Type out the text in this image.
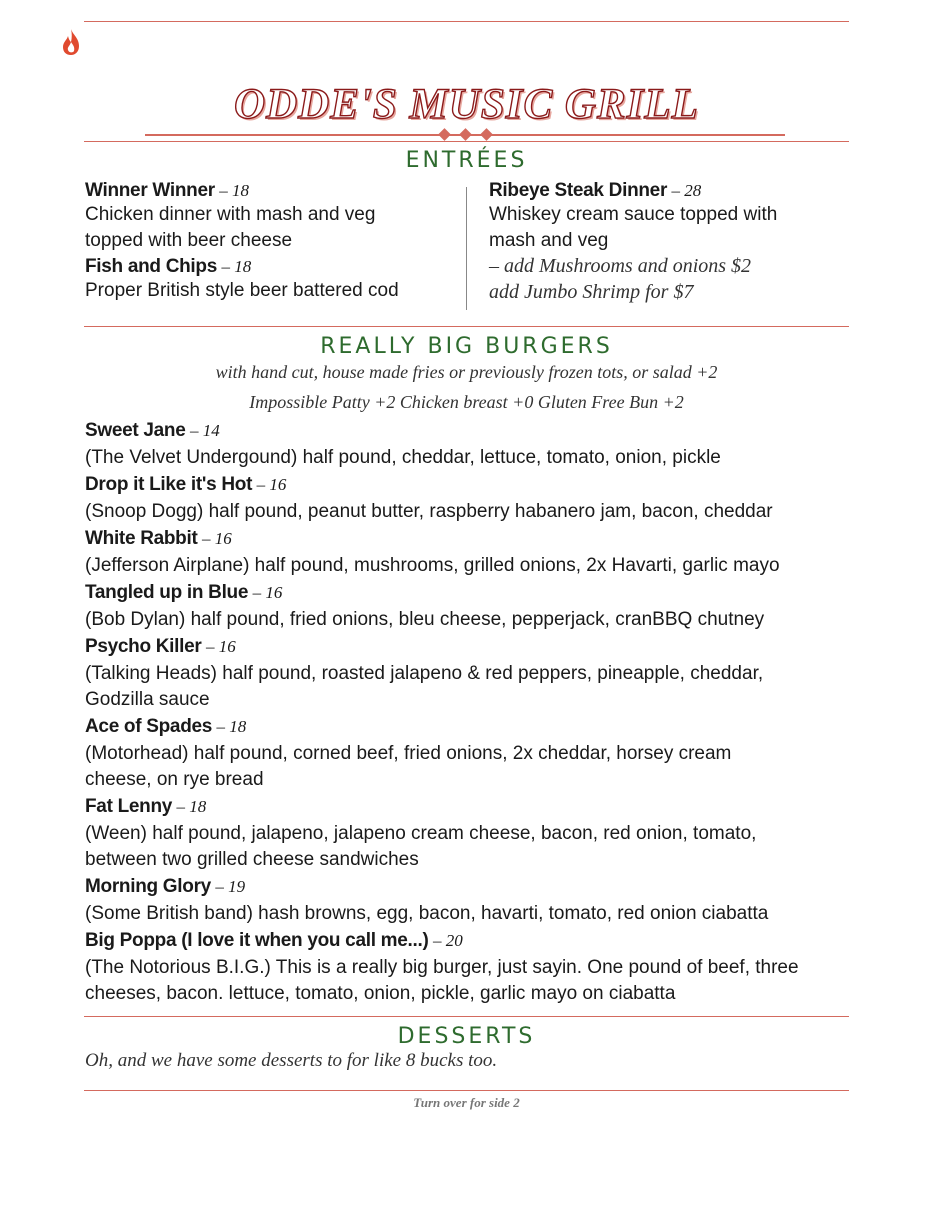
ODDE'S MUSIC GRILL
ENTRÉES
Winner Winner – 18
Chicken dinner with mash and veg
topped with beer cheese
Fish and Chips – 18
Proper British style beer battered cod
Ribeye Steak Dinner – 28
Whiskey cream sauce topped with
mash and veg
– add Mushrooms and onions $2
add Jumbo Shrimp for $7
REALLY BIG BURGERS
with hand cut, house made fries or previously frozen tots, or salad +2
Impossible Patty +2 Chicken breast +0 Gluten Free Bun +2
Sweet Jane – 14
(The Velvet Undergound) half pound, cheddar, lettuce, tomato, onion, pickle
Drop it Like it's Hot – 16
(Snoop Dogg) half pound, peanut butter, raspberry habanero jam, bacon, cheddar
White Rabbit – 16
(Jefferson Airplane) half pound, mushrooms, grilled onions, 2x Havarti, garlic mayo
Tangled up in Blue – 16
(Bob Dylan) half pound, fried onions, bleu cheese, pepperjack, cranBBQ chutney
Psycho Killer – 16
(Talking Heads) half pound, roasted jalapeno & red peppers, pineapple, cheddar,
Godzilla sauce
Ace of Spades – 18
(Motorhead) half pound, corned beef, fried onions, 2x cheddar, horsey cream
cheese, on rye bread
Fat Lenny – 18
(Ween) half pound, jalapeno, jalapeno cream cheese, bacon, red onion, tomato,
between two grilled cheese sandwiches
Morning Glory – 19
(Some British band) hash browns, egg, bacon, havarti, tomato, red onion ciabatta
Big Poppa (I love it when you call me...) – 20
(The Notorious B.I.G.) This is a really big burger, just sayin. One pound of beef, three
cheeses, bacon. lettuce, tomato, onion, pickle, garlic mayo on ciabatta
DESSERTS
Oh, and we have some desserts to for like 8 bucks too.
Turn over for side 2
